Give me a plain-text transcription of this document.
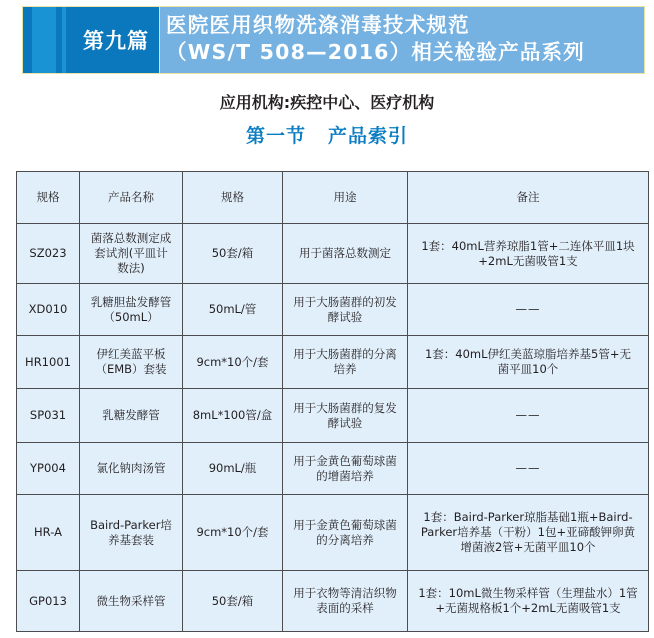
第九篇
医院医用织物洗涤消毒技术规范
（WS/T 508—2016）相关检验产品系列
应用机构:疾控中心、医疗机构
第一节 产品索引
规格	产品名称	规格	用途	备注
SZ023	菌落总数测定成套试剂(平皿计数法)	50套/箱	用于菌落总数测定	1套：40mL营养琼脂1管+二连体平皿1块+2mL无菌吸管1支
XD010	乳糖胆盐发酵管（50mL）	50mL/管	用于大肠菌群的初发酵试验	——
HR1001	伊红美蓝平板（EMB）套装	9cm*10个/套	用于大肠菌群的分离培养	1套：40mL伊红美蓝琼脂培养基5管+无菌平皿10个
SP031	乳糖发酵管	8mL*100管/盒	用于大肠菌群的复发酵试验	——
YP004	氯化钠肉汤管	90mL/瓶	用于金黄色葡萄球菌的增菌培养	——
HR-A	Baird-Parker培养基套装	9cm*10个/套	用于金黄色葡萄球菌的分离培养	1套：Baird-Parker琼脂基础1瓶+Baird-Parker培养基（干粉）1包+亚碲酸钾卵黄增菌液2管+无菌平皿10个
GP013	微生物采样管	50套/箱	用于衣物等清洁织物表面的采样	1套：10mL微生物采样管（生理盐水）1管+无菌规格板1个+2mL无菌吸管1支
